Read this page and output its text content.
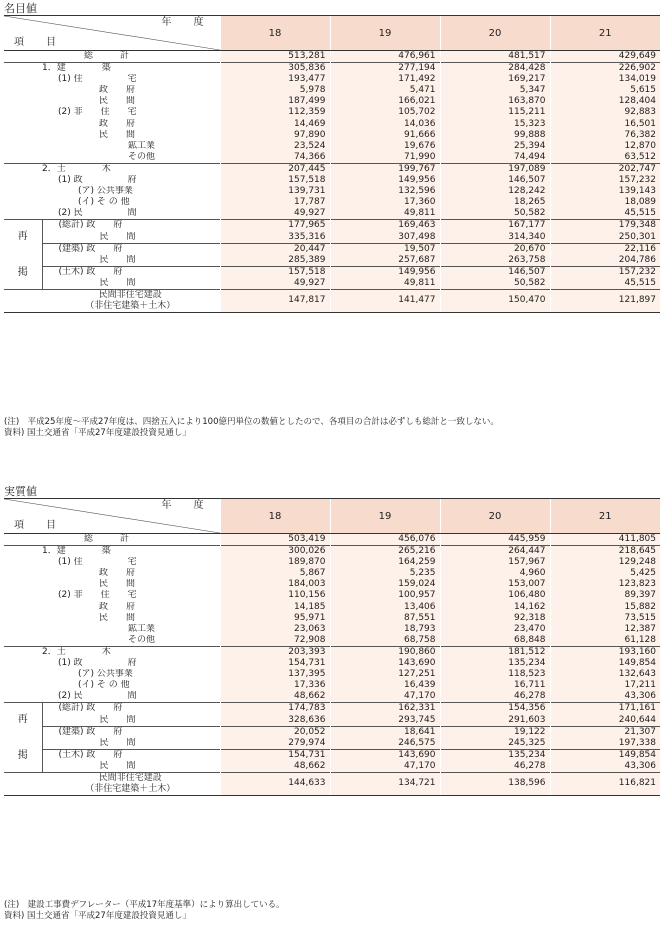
名目値
年　度
項　目		18	19	20	21
総　　　計		513,281	476,961	481,517	429,649
1．建　　　　築		305,836	277,194	284,428	226,902
(1) 住　　　　　宅		193,477	171,492	169,217	134,019
政　　府		5,978	5,471	5,347	5,615
民　　間		187,499	166,021	163,870	128,404
(2) 非　　住　　宅		112,359	105,702	115,211	92,883
政　　府		14,469	14,036	15,323	16,501
民　　間		97,890	91,666	99,888	76,382
鉱工業		23,524	19,676	25,394	12,870
その他		74,366	71,990	74,494	63,512
2．土　　　　木		207,445	199,767	197,089	202,747
(1) 政　　　　　府		157,518	149,956	146,507	157,232
(ア) 公共事業		139,731	132,596	128,242	139,143
(イ) そ の 他		17,787	17,360	18,265	18,089
(2) 民　　　　　間		49,927	49,811	50,582	45,515

再
掲	(総計) 政　　府	177,965	169,463	167,177	179,348
	民　　間	335,316	307,498	314,340	250,301
	(建築) 政　　府	20,447	19,507	20,670	22,116
	民　　間	285,389	257,687	263,758	204,786
	(土木) 政　　府	157,518	149,956	146,507	157,232
	民　　間	49,927	49,811	50,582	45,515

民間非住宅建設
（非住宅建築＋土木）		147,817	141,477	150,470	121,897
(注)　平成25年度～平成27年度は、四捨五入により100億円単位の数値としたので、各項目の合計は必ずしも総計と一致しない。
資料) 国土交通省「平成27年度建設投資見通し」
実質値
年　度
項　目		18	19	20	21
総　　　計		503,419	456,076	445,959	411,805
1．建　　　　築		300,026	265,216	264,447	218,645
(1) 住　　　　　宅		189,870	164,259	157,967	129,248
政　　府		5,867	5,235	4,960	5,425
民　　間		184,003	159,024	153,007	123,823
(2) 非　　住　　宅		110,156	100,957	106,480	89,397
政　　府		14,185	13,406	14,162	15,882
民　　間		95,971	87,551	92,318	73,515
鉱工業		23,063	18,793	23,470	12,387
その他		72,908	68,758	68,848	61,128
2．土　　　　木		203,393	190,860	181,512	193,160
(1) 政　　　　　府		154,731	143,690	135,234	149,854
(ア) 公共事業		137,395	127,251	118,523	132,643
(イ) そ の 他		17,336	16,439	16,711	17,211
(2) 民　　　　　間		48,662	47,170	46,278	43,306

再
掲	(総計) 政　　府	174,783	162,331	154,356	171,161
	民　　間	328,636	293,745	291,603	240,644
	(建築) 政　　府	20,052	18,641	19,122	21,307
	民　　間	279,974	246,575	245,325	197,338
	(土木) 政　　府	154,731	143,690	135,234	149,854
	民　　間	48,662	47,170	46,278	43,306

民間非住宅建設
（非住宅建築＋土木）		144,633	134,721	138,596	116,821
(注)　建設工事費デフレーター（平成17年度基準）により算出している。
資料) 国土交通省「平成27年度建設投資見通し」
